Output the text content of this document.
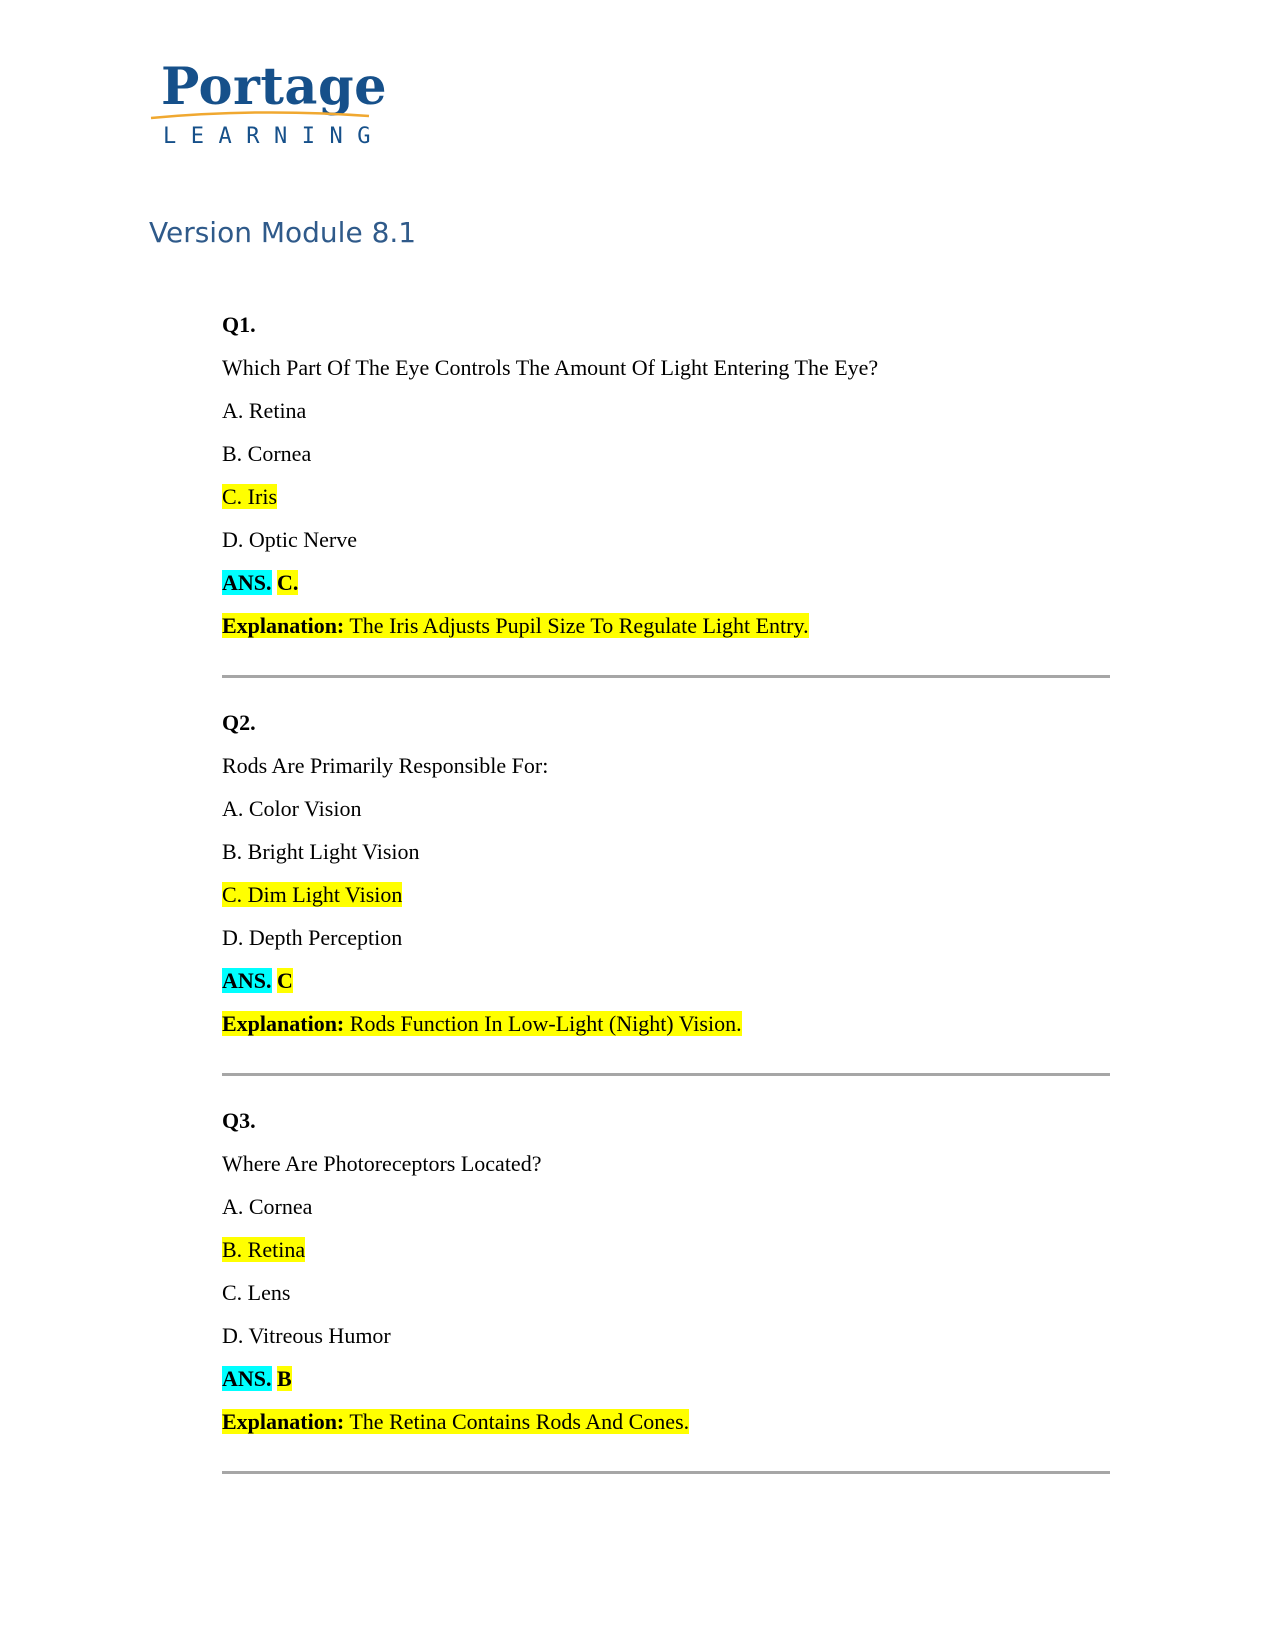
Portage
LEARNING
Version Module 8.1
Q1.
Which Part Of The Eye Controls The Amount Of Light Entering The Eye?
A. Retina
B. Cornea
C. Iris
D. Optic Nerve
ANS. C.
Explanation: The Iris Adjusts Pupil Size To Regulate Light Entry.
Q2.
Rods Are Primarily Responsible For:
A. Color Vision
B. Bright Light Vision
C. Dim Light Vision
D. Depth Perception
ANS. C
Explanation: Rods Function In Low-Light (Night) Vision.
Q3.
Where Are Photoreceptors Located?
A. Cornea
B. Retina
C. Lens
D. Vitreous Humor
ANS. B
Explanation: The Retina Contains Rods And Cones.
